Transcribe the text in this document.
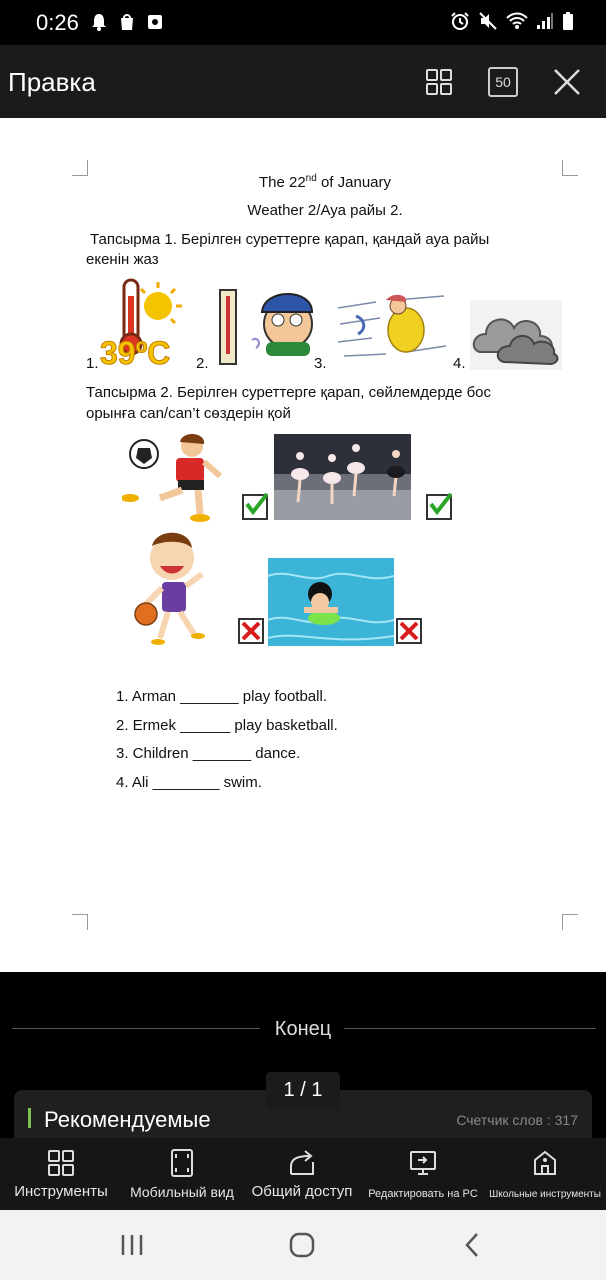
0:26
Правка	50
The 22nd of January
Weather 2/Ауа райы 2.
Тапсырма 1. Берілген суреттерге қарап, қандай ауа райы
екенін жаз
1. 39ºC 2.	3.	4.
Тапсырма 2. Берілген суреттерге қарап, сөйлемдерде бос
орынға can/can’t сөздерін қой
1. Arman _______ play football.
2. Ermek ______ play basketball.
3. Children _______ dance.
4. Ali ________ swim.
Конец
Рекомендуемые	Счетчик слов : 317
1 / 1
Инструменты	Мобильный вид	Общий доступ	Редактировать на PC	Школьные инструменты
